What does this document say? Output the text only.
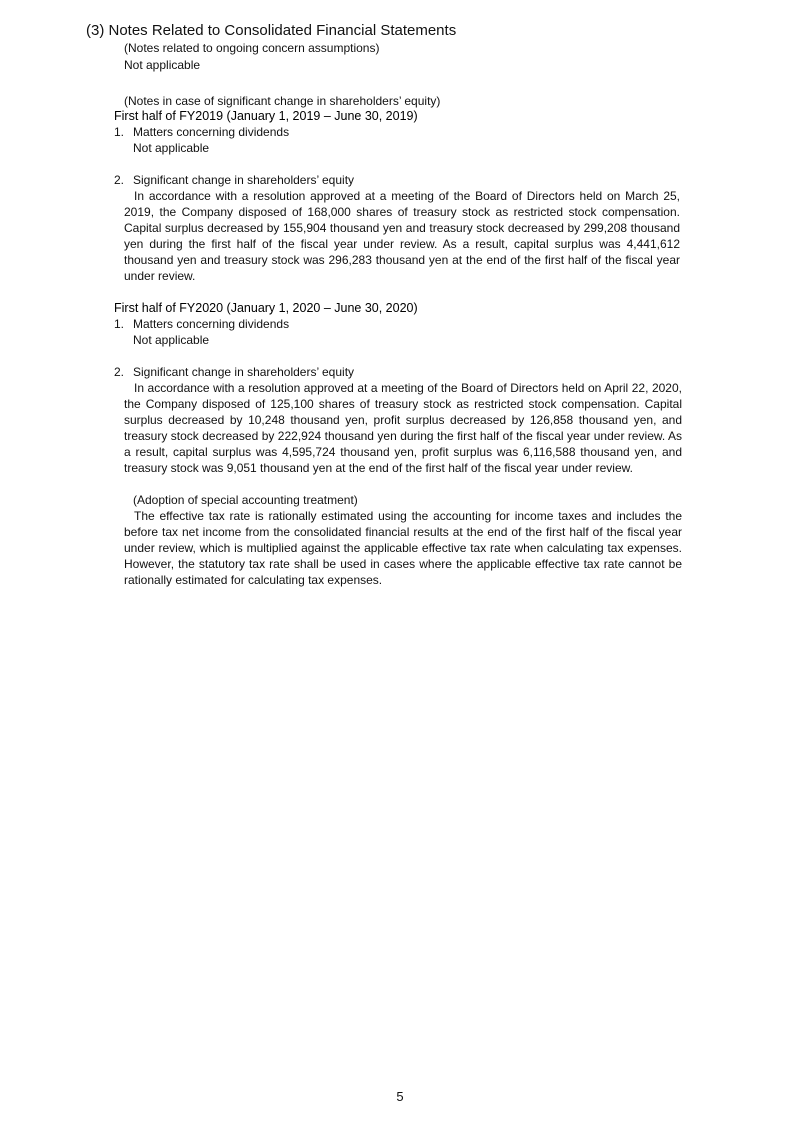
(3) Notes Related to Consolidated Financial Statements

(Notes related to ongoing concern assumptions)

Not applicable

(Notes in case of significant change in shareholders’ equity)

First half of FY2019 (January 1, 2019 – June 30, 2019)
1. Matters concerning dividends

Not applicable

2. Significant change in shareholders’ equity

In accordance with a resolution approved at a meeting of the Board of Directors held on March 25, 2019, the Company disposed of 168,000 shares of treasury stock as restricted stock compensation. Capital surplus decreased by 155,904 thousand yen and treasury stock decreased by 299,208 thousand yen during the first half of the fiscal year under review. As a result, capital surplus was 4,441,612 thousand yen and treasury stock was 296,283 thousand yen at the end of the first half of the fiscal year under review.

First half of FY2020 (January 1, 2020 – June 30, 2020)
1. Matters concerning dividends

Not applicable

2. Significant change in shareholders’ equity

In accordance with a resolution approved at a meeting of the Board of Directors held on April 22, 2020, the Company disposed of 125,100 shares of treasury stock as restricted stock compensation. Capital surplus decreased by 10,248 thousand yen, profit surplus decreased by 126,858 thousand yen, and treasury stock decreased by 222,924 thousand yen during the first half of the fiscal year under review. As a result, capital surplus was 4,595,724 thousand yen, profit surplus was 6,116,588 thousand yen, and treasury stock was 9,051 thousand yen at the end of the first half of the fiscal year under review.

(Adoption of special accounting treatment)

The effective tax rate is rationally estimated using the accounting for income taxes and includes the before tax net income from the consolidated financial results at the end of the first half of the fiscal year under review, which is multiplied against the applicable effective tax rate when calculating tax expenses. However, the statutory tax rate shall be used in cases where the applicable effective tax rate cannot be rationally estimated for calculating tax expenses.

5
